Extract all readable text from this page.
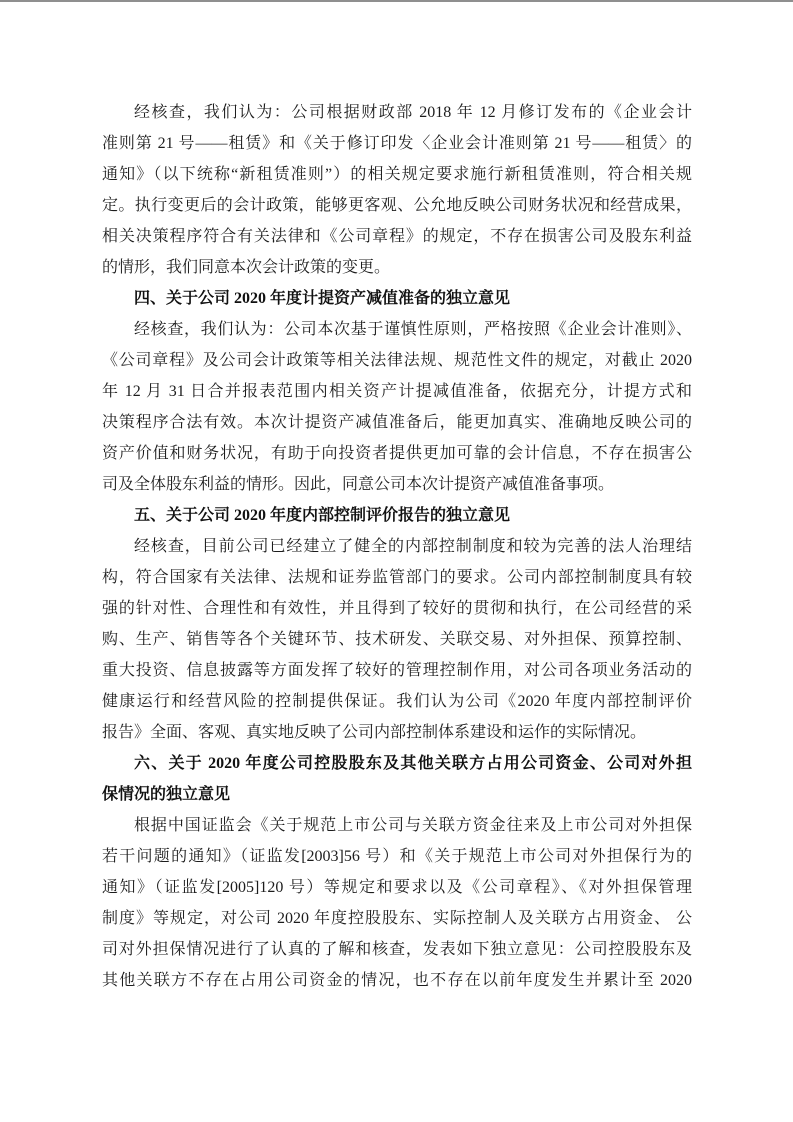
经核查，我们认为：公司根据财政部 2018 年 12 月修订发布的《企业会计
准则第 21 号——租赁》和《关于修订印发〈企业会计准则第 21 号——租赁〉的
通知》（以下统称“新租赁准则”）的相关规定要求施行新租赁准则，符合相关规
定。执行变更后的会计政策，能够更客观、公允地反映公司财务状况和经营成果，
相关决策程序符合有关法律和《公司章程》的规定，不存在损害公司及股东利益
的情形，我们同意本次会计政策的变更。
四、关于公司 2020 年度计提资产减值准备的独立意见
经核查，我们认为：公司本次基于谨慎性原则，严格按照《企业会计准则》、
《公司章程》及公司会计政策等相关法律法规、规范性文件的规定，对截止 2020
年 12 月 31 日合并报表范围内相关资产计提减值准备，依据充分，计提方式和
决策程序合法有效。本次计提资产减值准备后，能更加真实、准确地反映公司的
资产价值和财务状况，有助于向投资者提供更加可靠的会计信息，不存在损害公
司及全体股东利益的情形。因此，同意公司本次计提资产减值准备事项。
五、关于公司 2020 年度内部控制评价报告的独立意见
经核查，目前公司已经建立了健全的内部控制制度和较为完善的法人治理结
构，符合国家有关法律、法规和证券监管部门的要求。公司内部控制制度具有较
强的针对性、合理性和有效性，并且得到了较好的贯彻和执行，在公司经营的采
购、生产、销售等各个关键环节、技术研发、关联交易、对外担保、预算控制、
重大投资、信息披露等方面发挥了较好的管理控制作用，对公司各项业务活动的
健康运行和经营风险的控制提供保证。我们认为公司《2020 年度内部控制评价
报告》全面、客观、真实地反映了公司内部控制体系建设和运作的实际情况。
六、关于 2020 年度公司控股股东及其他关联方占用公司资金、公司对外担
保情况的独立意见
根据中国证监会《关于规范上市公司与关联方资金往来及上市公司对外担保
若干问题的通知》（证监发[2003]56 号）和《关于规范上市公司对外担保行为的
通知》（证监发[2005]120 号）等规定和要求以及《公司章程》、《对外担保管理
制度》等规定，对公司 2020 年度控股股东、实际控制人及关联方占用资金、 公
司对外担保情况进行了认真的了解和核查，发表如下独立意见：公司控股股东及
其他关联方不存在占用公司资金的情况，也不存在以前年度发生并累计至 2020
